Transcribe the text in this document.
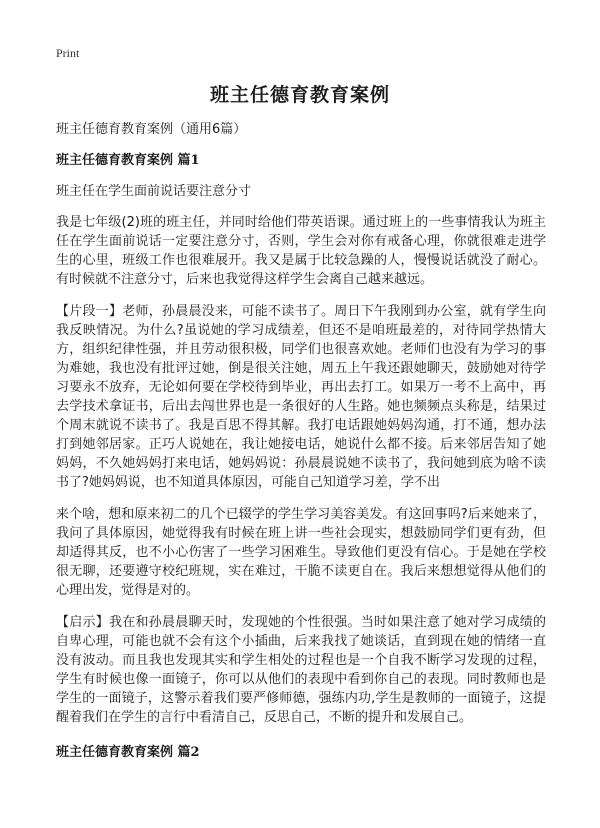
Print
班主任德育教育案例

班主任德育教育案例（通用6篇）

班主任德育教育案例 篇1

班主任在学生面前说话要注意分寸

我是七年级(2)班的班主任，并同时给他们带英语课。通过班上的一些事情我认为班主任在学生面前说话一定要注意分寸，否则，学生会对你有戒备心理，你就很难走进学生的心里，班级工作也很难展开。我又是属于比较急躁的人，慢慢说话就没了耐心。有时候就不注意分寸，后来也我觉得这样学生会离自己越来越远。

【片段一】老师，孙晨晨没来，可能不读书了。周日下午我刚到办公室，就有学生向我反映情况。为什么?虽说她的学习成绩差，但还不是咱班最差的，对待同学热情大方，组织纪律性强，并且劳动很积极，同学们也很喜欢她。老师们也没有为学习的事为难她，我也没有批评过她，倒是很关注她，周五上午我还跟她聊天，鼓励她对待学习要永不放弃，无论如何要在学校待到毕业，再出去打工。如果万一考不上高中，再去学技术拿证书，后出去闯世界也是一条很好的人生路。她也频频点头称是，结果过个周末就说不读书了。我是百思不得其解。我打电话跟她妈妈沟通，打不通，想办法打到她邻居家。正巧人说她在，我让她接电话，她说什么都不接。后来邻居告知了她妈妈，不久她妈妈打来电话，她妈妈说：孙晨晨说她不读书了，我问她到底为啥不读书了?她妈妈说，也不知道具体原因，可能自己知道学习差，学不出

来个啥，想和原来初二的几个已辍学的学生学习美容美发。有这回事吗?后来她来了，我问了具体原因，她觉得我有时候在班上讲一些社会现实，想鼓励同学们更有劲，但却适得其反，也不小心伤害了一些学习困难生。导致他们更没有信心。于是她在学校很无聊，还要遵守校纪班规，实在难过，干脆不读更自在。我后来想想觉得从他们的心理出发，觉得是对的。

【启示】我在和孙晨晨聊天时，发现她的个性很强。当时如果注意了她对学习成绩的自卑心理，可能也就不会有这个小插曲，后来我找了她谈话，直到现在她的情绪一直没有波动。而且我也发现其实和学生相处的过程也是一个自我不断学习发现的过程，学生有时候也像一面镜子，你可以从他们的表现中看到你自己的表现。同时教师也是学生的一面镜子，这警示着我们要严修师德，强练内功,学生是教师的一面镜子，这提醒着我们在学生的言行中看清自己，反思自己，不断的提升和发展自己。

班主任德育教育案例 篇2
